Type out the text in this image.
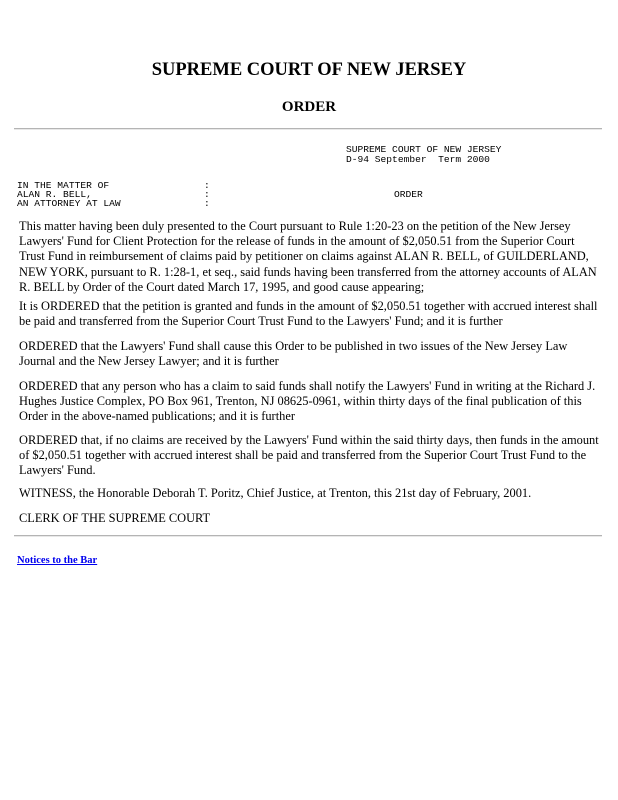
SUPREME COURT OF NEW JERSEY
ORDER
SUPREME COURT OF NEW JERSEY
D-94 September  Term 2000
IN THE MATTER OF
ALAN R. BELL,
AN ATTORNEY AT LAW
:
:
:
ORDER

This matter having been duly presented to the Court pursuant to Rule 1:20-23 on the petition of the New Jersey Lawyers' Fund for Client Protection for the release of funds in the amount of $2,050.51 from the Superior Court Trust Fund in reimbursement of claims paid by petitioner on claims against ALAN R. BELL, of GUILDERLAND, NEW YORK, pursuant to R. 1:28-1, et seq., said funds having been transferred from the attorney accounts of ALAN R. BELL by Order of the Court dated March 17, 1995, and good cause appearing;

It is ORDERED that the petition is granted and funds in the amount of $2,050.51 together with accrued interest shall be paid and transferred from the Superior Court Trust Fund to the Lawyers' Fund; and it is further

ORDERED that the Lawyers' Fund shall cause this Order to be published in two issues of the New Jersey Law Journal and the New Jersey Lawyer; and it is further

ORDERED that any person who has a claim to said funds shall notify the Lawyers' Fund in writing at the Richard J. Hughes Justice Complex, PO Box 961, Trenton, NJ 08625-0961, within thirty days of the final publication of this Order in the above-named publications; and it is further

ORDERED that, if no claims are received by the Lawyers' Fund within the said thirty days, then funds in the amount of $2,050.51 together with accrued interest shall be paid and transferred from the Superior Court Trust Fund to the Lawyers' Fund.

WITNESS, the Honorable Deborah T. Poritz, Chief Justice, at Trenton, this 21st day of February, 2001.

CLERK OF THE SUPREME COURT

Notices to the Bar
